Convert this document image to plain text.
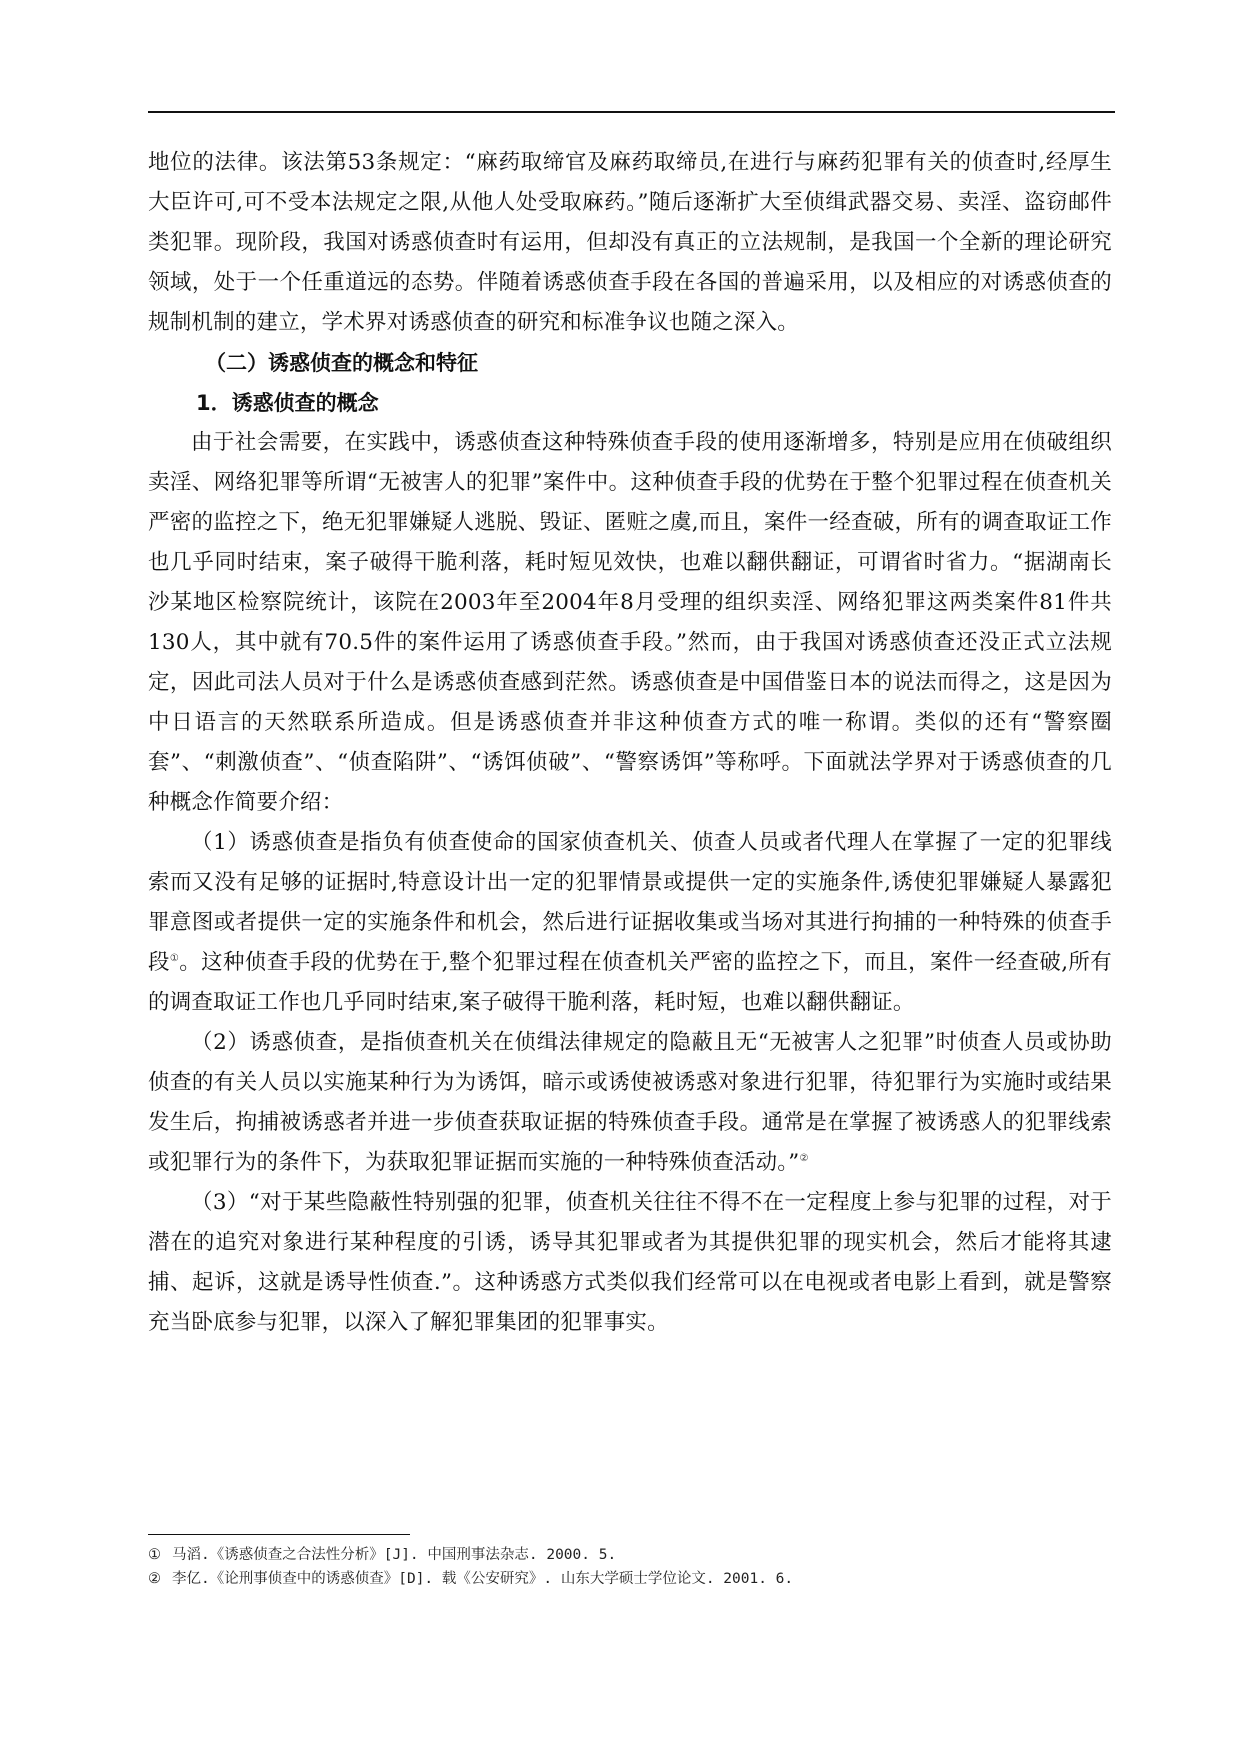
地位的法律。该法第53条规定：“麻药取缔官及麻药取缔员,在进行与麻药犯罪有关的侦查时,经厚生大臣许可,可不受本法规定之限,从他人处受取麻药。”随后逐渐扩大至侦缉武器交易、卖淫、盗窃邮件类犯罪。现阶段，我国对诱惑侦查时有运用，但却没有真正的立法规制，是我国一个全新的理论研究领域，处于一个任重道远的态势。伴随着诱惑侦查手段在各国的普遍采用，以及相应的对诱惑侦查的规制机制的建立，学术界对诱惑侦查的研究和标准争议也随之深入。

（二）诱惑侦查的概念和特征

1．诱惑侦查的概念

由于社会需要，在实践中，诱惑侦查这种特殊侦查手段的使用逐渐增多，特别是应用在侦破组织卖淫、网络犯罪等所谓“无被害人的犯罪”案件中。这种侦查手段的优势在于整个犯罪过程在侦查机关严密的监控之下，绝无犯罪嫌疑人逃脱、毁证、匿赃之虞,而且，案件一经查破，所有的调查取证工作也几乎同时结束，案子破得干脆利落，耗时短见效快，也难以翻供翻证，可谓省时省力。“据湖南长沙某地区检察院统计，该院在2003年至2004年8月受理的组织卖淫、网络犯罪这两类案件81件共130人，其中就有70.5件的案件运用了诱惑侦查手段。”然而，由于我国对诱惑侦查还没正式立法规定，因此司法人员对于什么是诱惑侦查感到茫然。诱惑侦查是中国借鉴日本的说法而得之，这是因为中日语言的天然联系所造成。但是诱惑侦查并非这种侦查方式的唯一称谓。类似的还有“警察圈套”、“刺激侦查”、“侦查陷阱”、“诱饵侦破”、“警察诱饵”等称呼。下面就法学界对于诱惑侦查的几种概念作简要介绍：

（1）诱惑侦查是指负有侦查使命的国家侦查机关、侦查人员或者代理人在掌握了一定的犯罪线索而又没有足够的证据时,特意设计出一定的犯罪情景或提供一定的实施条件,诱使犯罪嫌疑人暴露犯罪意图或者提供一定的实施条件和机会，然后进行证据收集或当场对其进行拘捕的一种特殊的侦查手段①。这种侦查手段的优势在于,整个犯罪过程在侦查机关严密的监控之下，而且，案件一经查破,所有的调查取证工作也几乎同时结束,案子破得干脆利落，耗时短，也难以翻供翻证。

（2）诱惑侦查，是指侦查机关在侦缉法律规定的隐蔽且无“无被害人之犯罪”时侦查人员或协助侦查的有关人员以实施某种行为为诱饵，暗示或诱使被诱惑对象进行犯罪，待犯罪行为实施时或结果发生后，拘捕被诱惑者并进一步侦查获取证据的特殊侦查手段。通常是在掌握了被诱惑人的犯罪线索或犯罪行为的条件下，为获取犯罪证据而实施的一种特殊侦查活动。”②

（3）“对于某些隐蔽性特别强的犯罪，侦查机关往往不得不在一定程度上参与犯罪的过程，对于潜在的追究对象进行某种程度的引诱，诱导其犯罪或者为其提供犯罪的现实机会，然后才能将其逮捕、起诉，这就是诱导性侦查.”。这种诱惑方式类似我们经常可以在电视或者电影上看到，就是警察充当卧底参与犯罪，以深入了解犯罪集团的犯罪事实。

① 马滔.《诱惑侦查之合法性分析》[J]. 中国刑事法杂志. 2000. 5.

② 李亿.《论刑事侦查中的诱惑侦查》[D]. 载《公安研究》. 山东大学硕士学位论文. 2001. 6.
